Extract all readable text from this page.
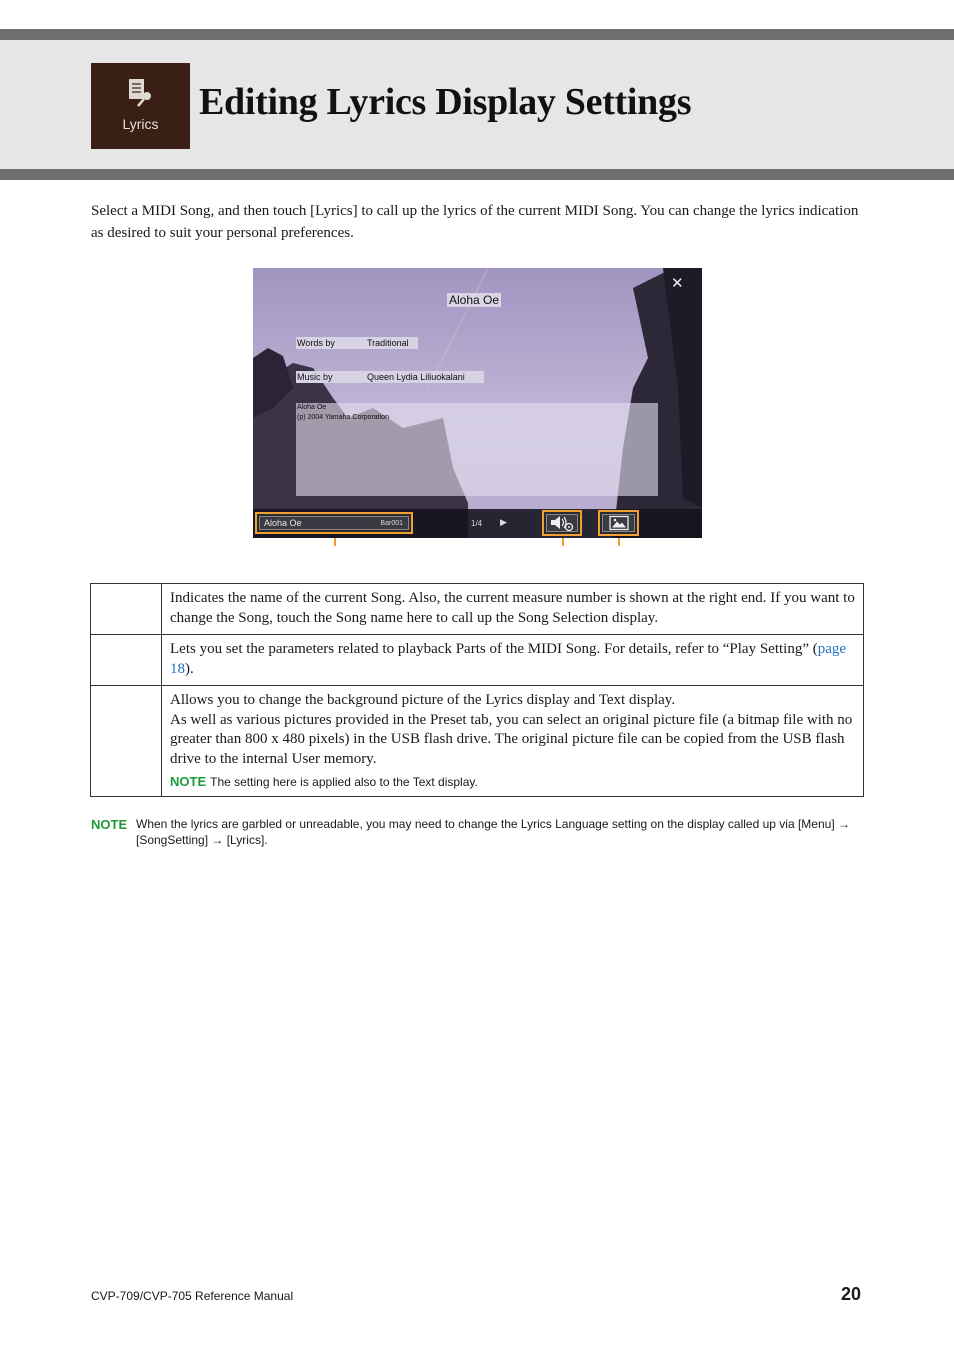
Lyrics
Editing Lyrics Display Settings

Select a MIDI Song, and then touch [Lyrics] to call up the lyrics of the current MIDI Song. You can change the lyrics indication as desired to suit your personal preferences.

✕
Aloha Oe
Words by	Traditional
Music by	Queen Lydia Liliuokalani
Aloha Oe
(p) 2004 Yamaha Corporation
Aloha Oe	Bar001	1/4 ▶

	Indicates the name of the current Song. Also, the current measure number is shown at the right end. If you want to change the Song, touch the Song name here to call up the Song Selection display.

	Lets you set the parameters related to playback Parts of the MIDI Song. For details, refer to “Play Setting” (page 18).

	Allows you to change the background picture of the Lyrics display and Text display.

As well as various pictures provided in the Preset tab, you can select an original picture file (a bitmap file with no greater than 800 x 480 pixels) in the USB flash drive. The original picture file can be copied from the USB flash drive to the internal User memory.

NOTE The setting here is applied also to the Text display.
NOTE When the lyrics are garbled or unreadable, you may need to change the Lyrics Language setting on the display called up via [Menu] → [SongSetting] → [Lyrics].
CVP-709/CVP-705 Reference Manual	20
